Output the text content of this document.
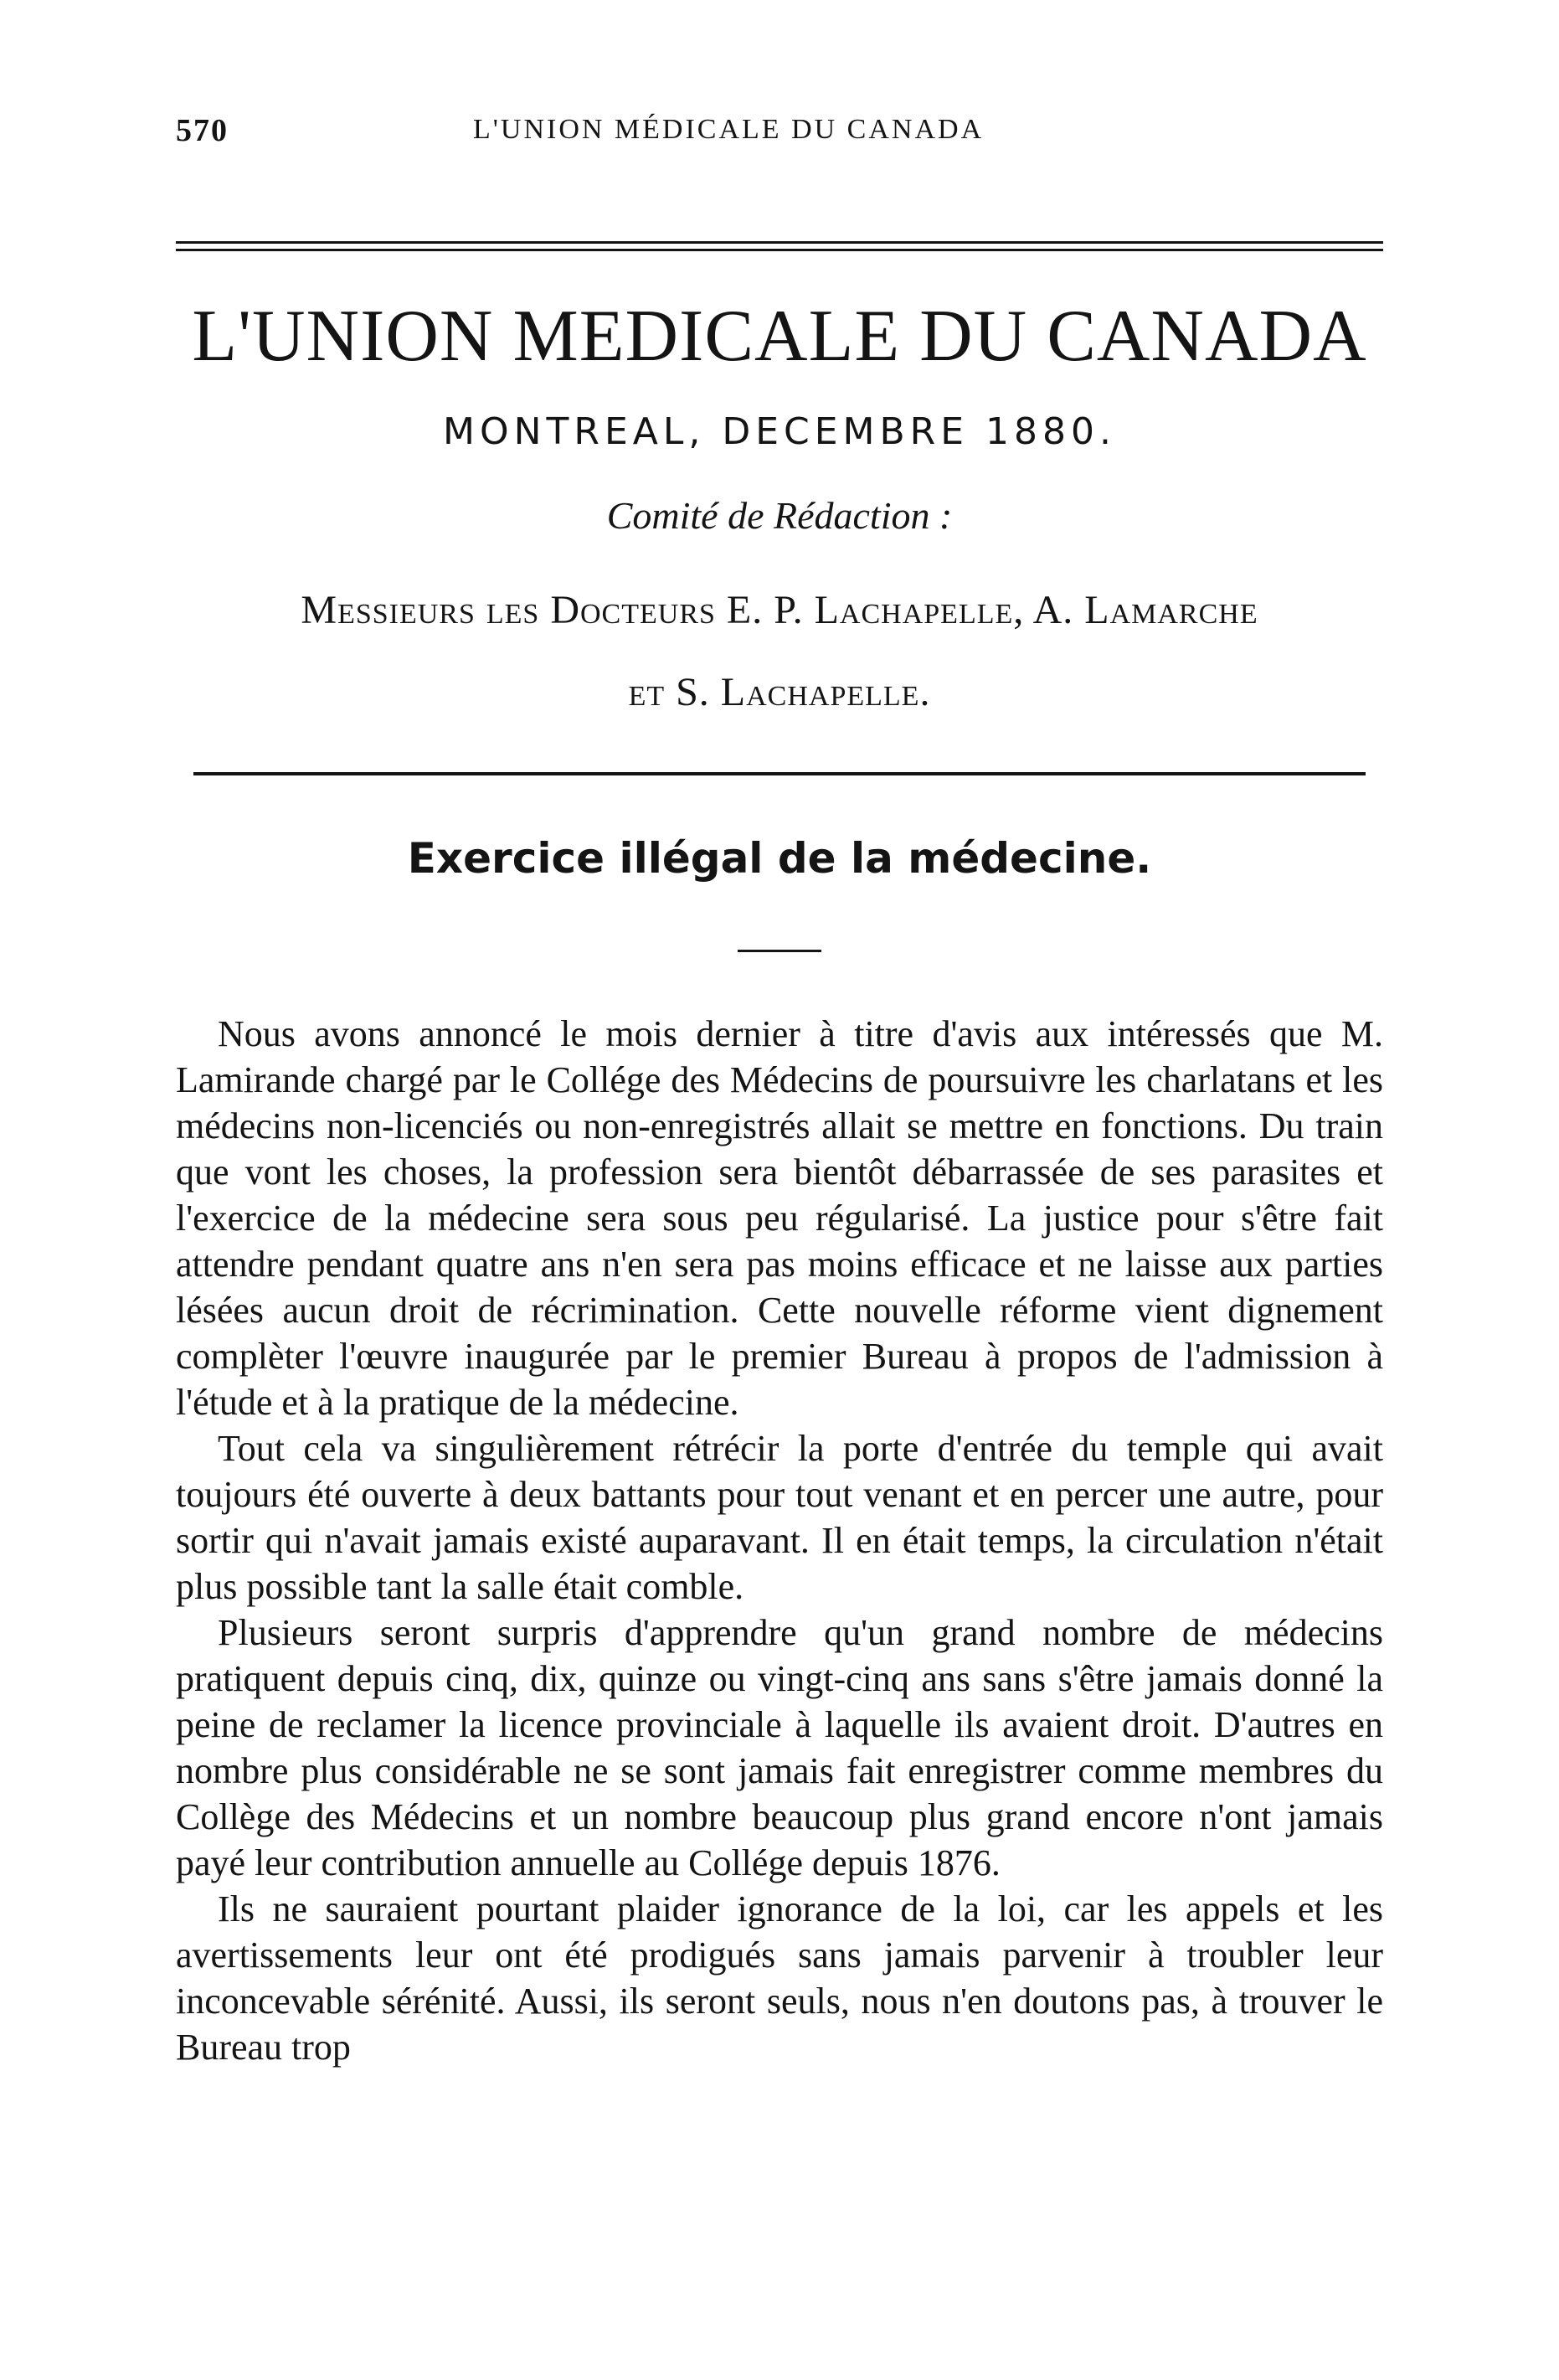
570	L'UNION MÉDICALE DU CANADA
L'UNION MEDICALE DU CANADA
MONTREAL, DECEMBRE 1880.
Comité de Rédaction :
Messieurs les Docteurs E. P. Lachapelle, A. Lamarche
et S. Lachapelle.
Exercice illégal de la médecine.

Nous avons annoncé le mois dernier à titre d'avis aux intéressés que M. Lamirande chargé par le Collége des Médecins de poursuivre les charlatans et les médecins non-licenciés ou non-enregistrés allait se mettre en fonctions. Du train que vont les choses, la profession sera bientôt débarrassée de ses parasites et l'exercice de la médecine sera sous peu régularisé. La justice pour s'être fait attendre pendant quatre ans n'en sera pas moins efficace et ne laisse aux parties lésées aucun droit de récrimination. Cette nouvelle réforme vient dignement complèter l'œuvre inaugurée par le premier Bureau à propos de l'admission à l'étude et à la pratique de la médecine.

Tout cela va singulièrement rétrécir la porte d'entrée du temple qui avait toujours été ouverte à deux battants pour tout venant et en percer une autre, pour sortir qui n'avait jamais existé auparavant. Il en était temps, la circulation n'était plus possible tant la salle était comble.

Plusieurs seront surpris d'apprendre qu'un grand nombre de médecins pratiquent depuis cinq, dix, quinze ou vingt-cinq ans sans s'être jamais donné la peine de reclamer la licence provinciale à laquelle ils avaient droit. D'autres en nombre plus considérable ne se sont jamais fait enregistrer comme membres du Collège des Médecins et un nombre beaucoup plus grand encore n'ont jamais payé leur contribution annuelle au Collége depuis 1876.

Ils ne sauraient pourtant plaider ignorance de la loi, car les appels et les avertissements leur ont été prodigués sans jamais parvenir à troubler leur inconcevable sérénité. Aussi, ils seront seuls, nous n'en doutons pas, à trouver le Bureau trop
